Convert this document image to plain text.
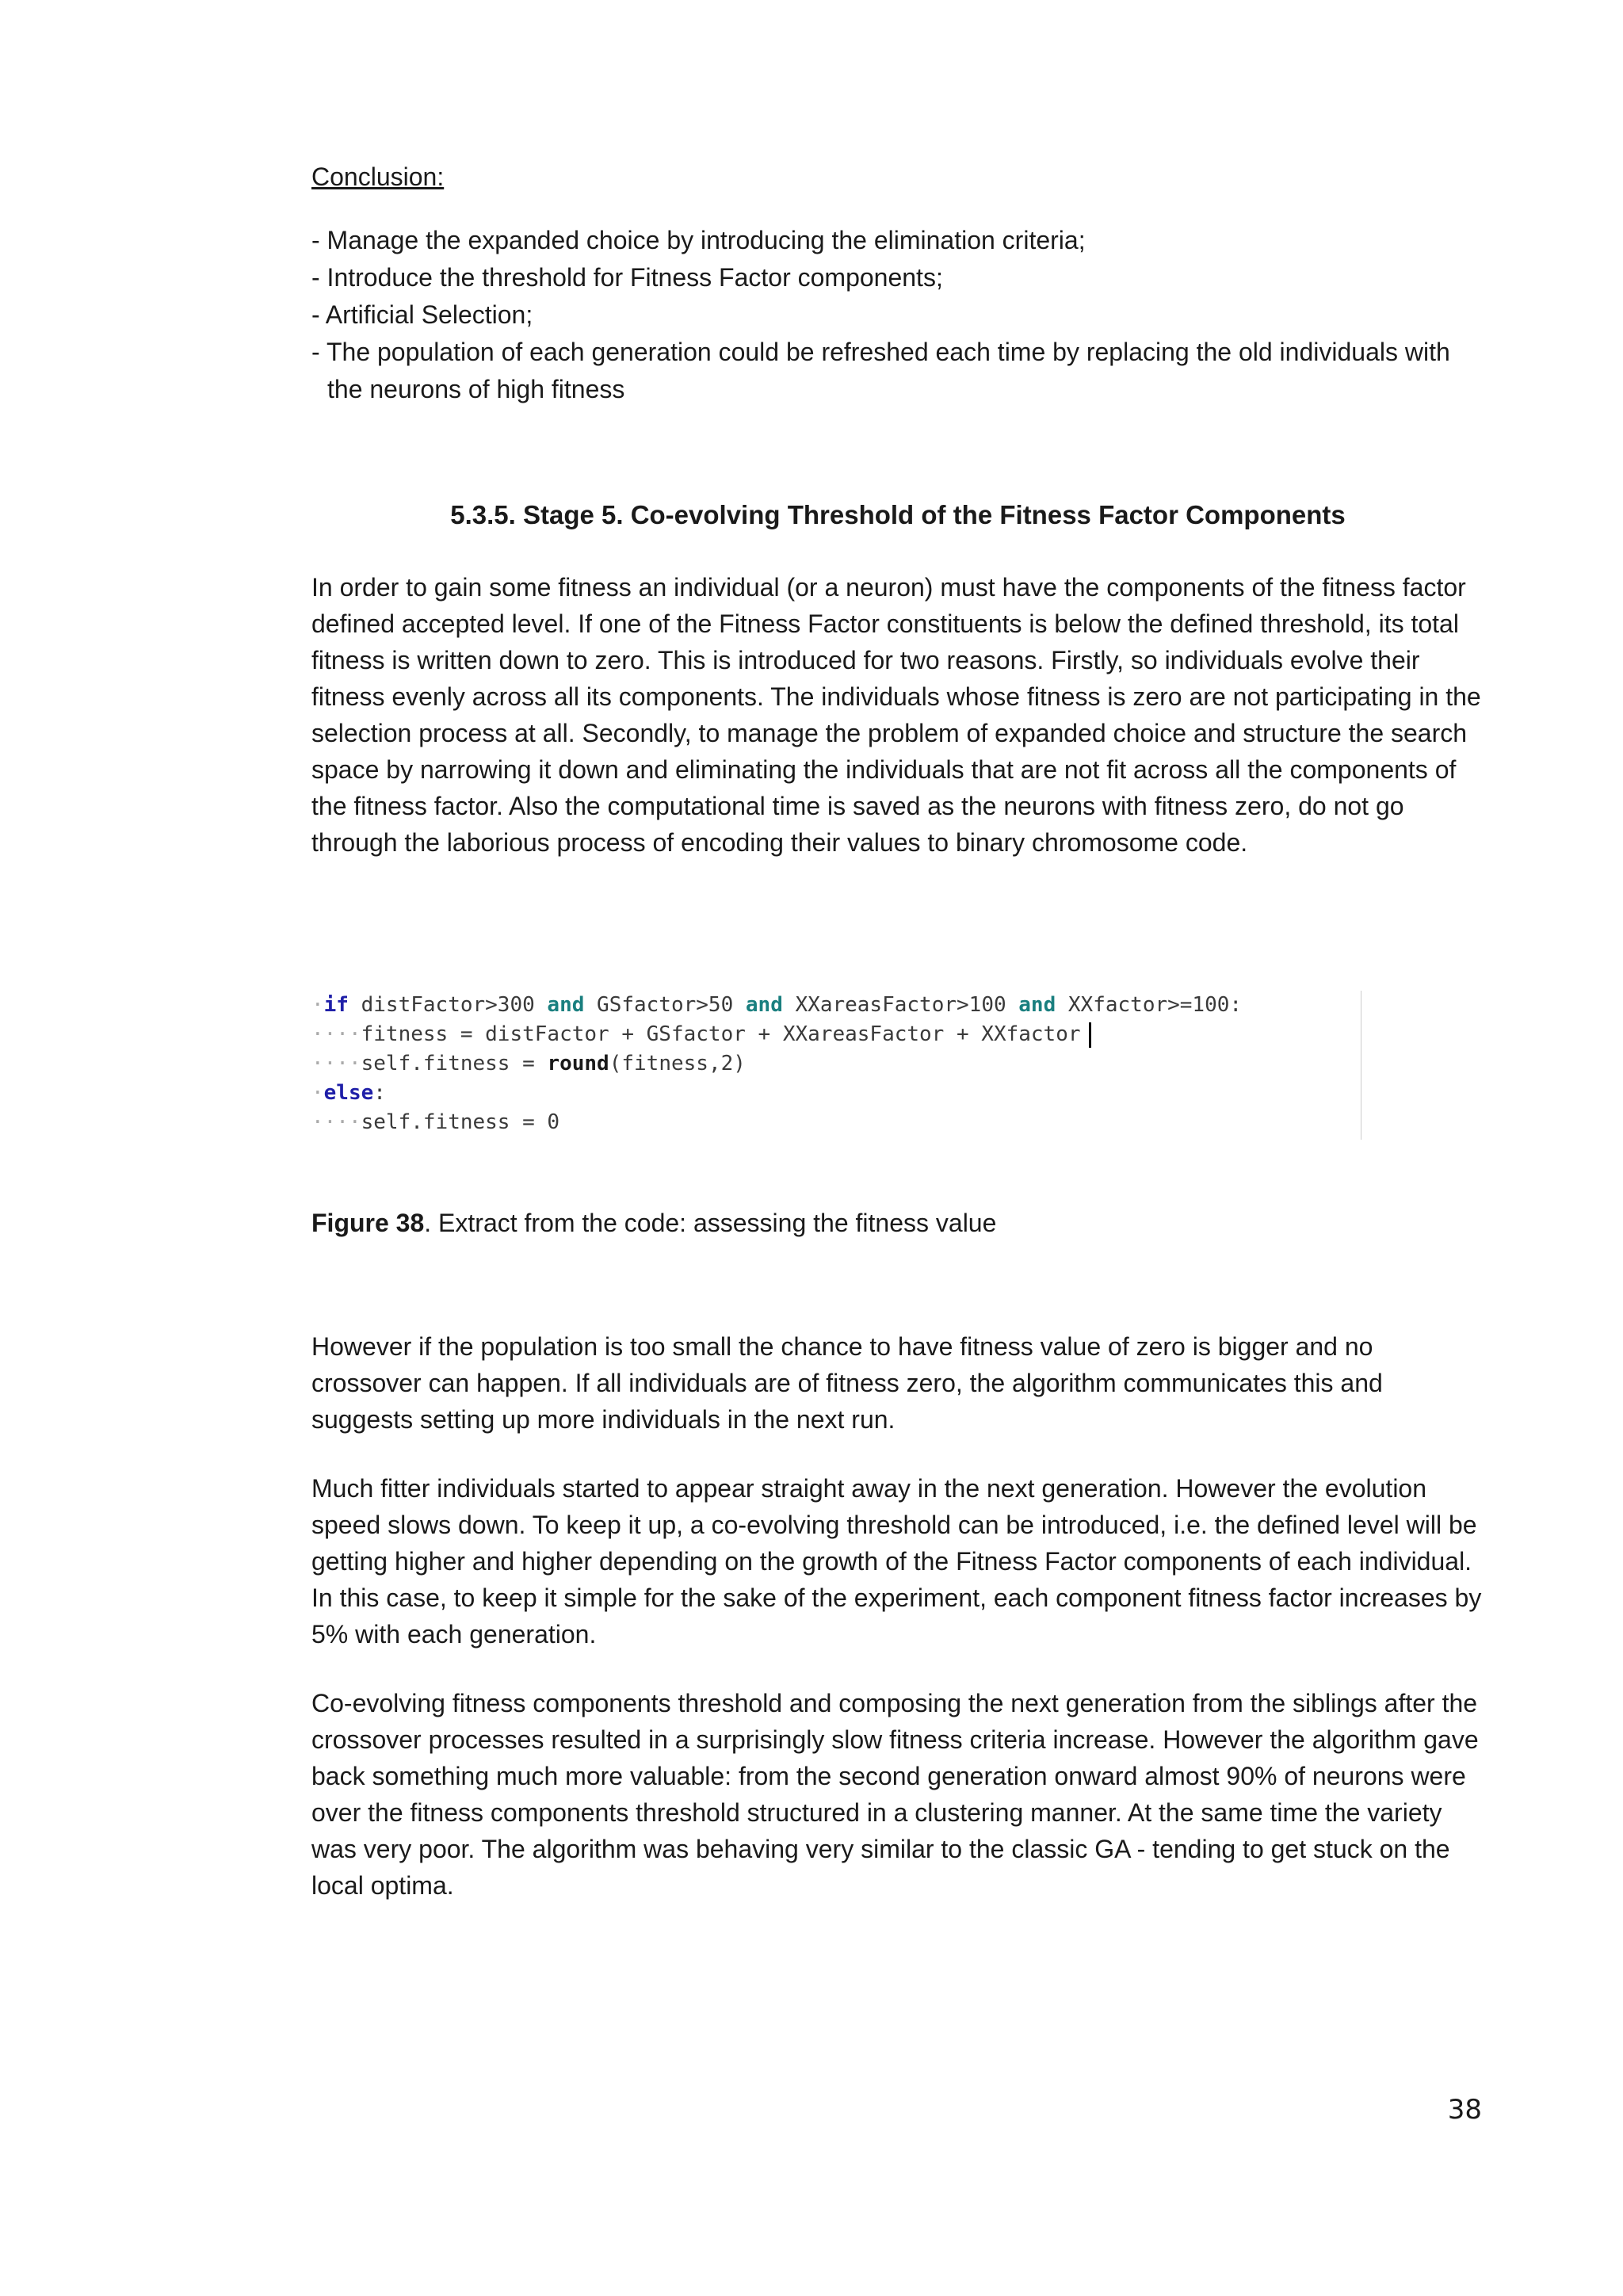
Conclusion:

- Manage the expanded choice by introducing the elimination criteria;
- Introduce the threshold for Fitness Factor components;
- Artificial Selection;
- The population of each generation could be refreshed each time by replacing the old individuals with the neurons of high fitness
5.3.5. Stage 5. Co-evolving Threshold of the Fitness Factor Components

In order to gain some fitness an individual (or a neuron) must have the components of the fitness factor defined accepted level. If one of the Fitness Factor constituents is below the defined threshold, its total fitness is written down to zero. This is introduced for two reasons. Firstly, so individuals evolve their fitness evenly across all its components. The individuals whose fitness is zero are not participating in the selection process at all. Secondly, to manage the problem of expanded choice and structure the search space by narrowing it down and eliminating the individuals that are not fit across all the components of the fitness factor. Also the computational time is saved as the neurons with fitness zero, do not go through the laborious process of encoding their values to binary chromosome code.

·if distFactor>300 and GSfactor>50 and XXareasFactor>100 and XXfactor>=100:
····fitness = distFactor + GSfactor + XXareasFactor + XXfactor
····self.fitness = round(fitness,2)
·else:
····self.fitness = 0

Figure 38. Extract from the code: assessing the fitness value

However if the population is too small the chance to have fitness value of zero is bigger and no crossover can happen. If all individuals are of fitness zero, the algorithm communicates this and suggests setting up more individuals in the next run.

Much fitter individuals started to appear straight away in the next generation. However the evolution speed slows down. To keep it up, a co-evolving threshold can be introduced, i.e. the defined level will be getting higher and higher depending on the growth of the Fitness Factor components of each individual. In this case, to keep it simple for the sake of the experiment, each component fitness factor increases by 5% with each generation.

Co-evolving fitness components threshold and composing the next generation from the siblings after the crossover processes resulted in a surprisingly slow fitness criteria increase. However the algorithm gave back something much more valuable: from the second generation onward almost 90% of neurons were over the fitness components threshold structured in a clustering manner. At the same time the variety was very poor. The algorithm was behaving very similar to the classic GA - tending to get stuck on the local optima.

38
